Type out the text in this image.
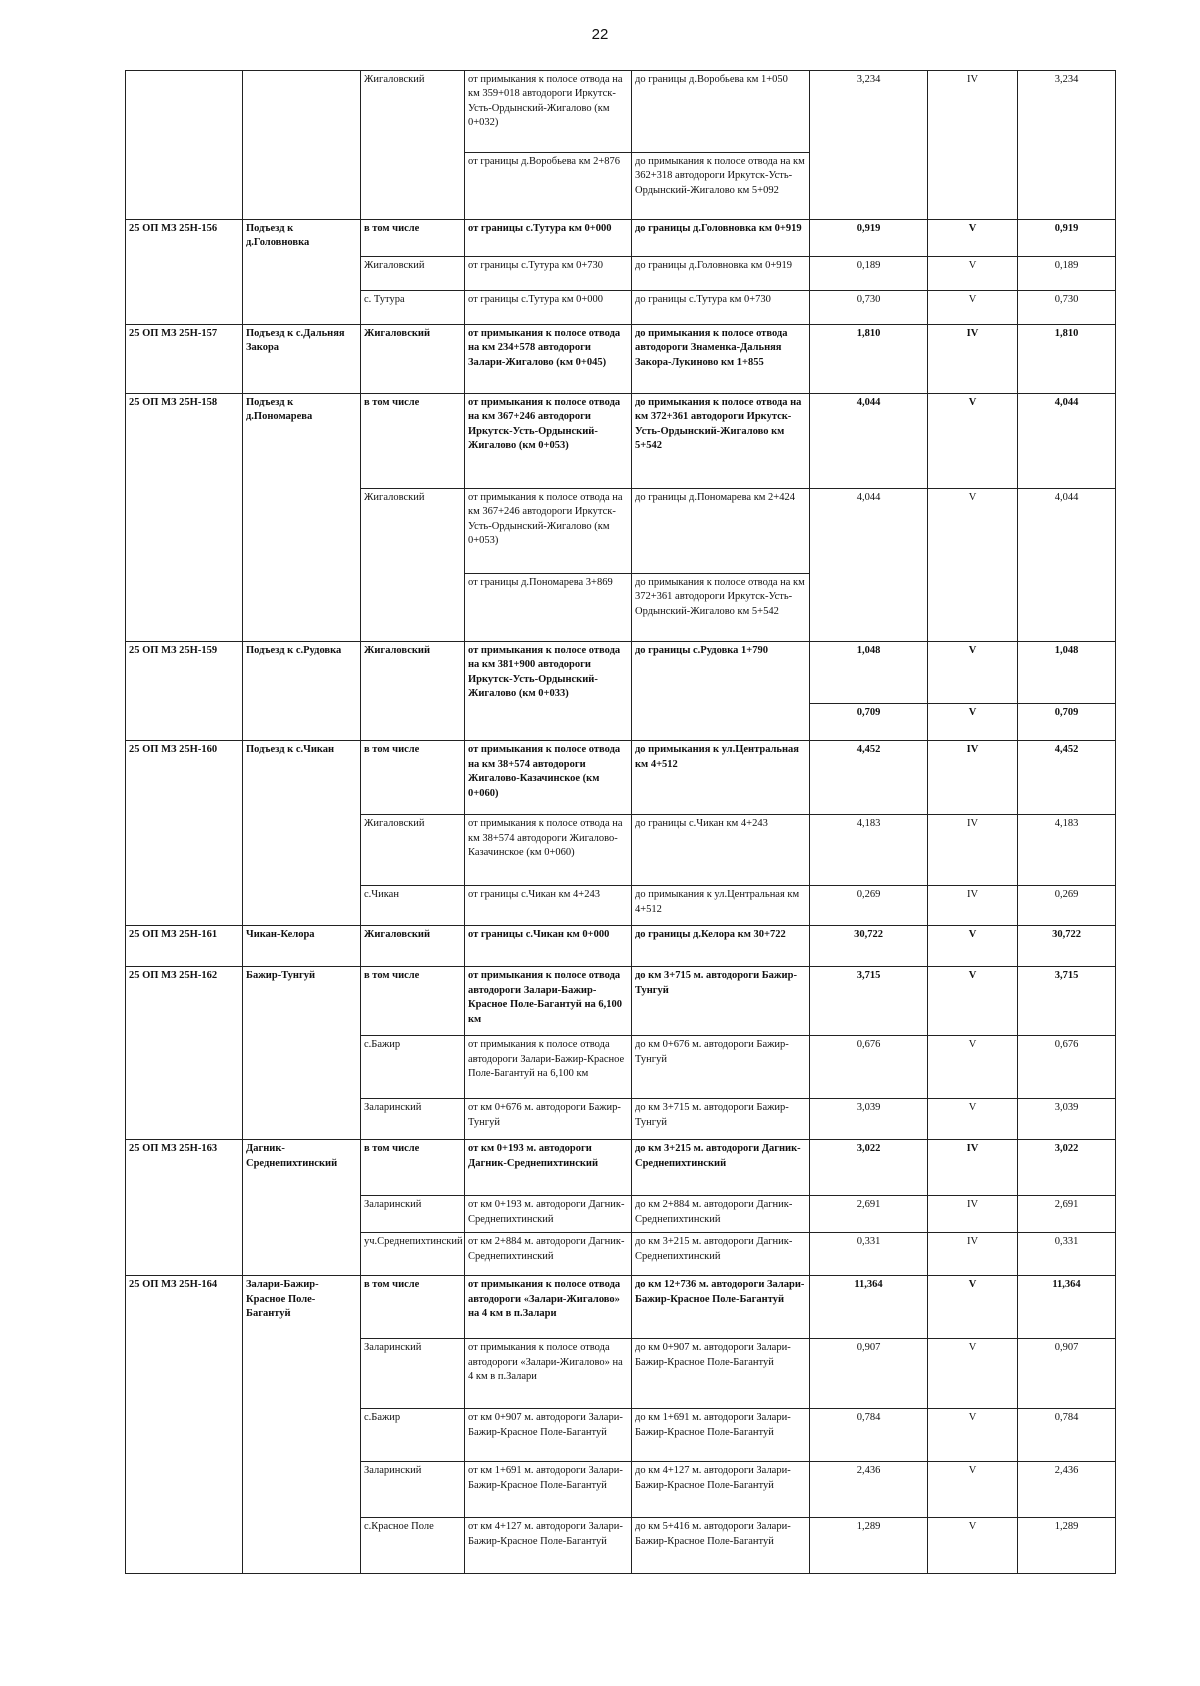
22
		Жигаловский	от примыкания к полосе отвода на км 359+018 автодороги Иркутск- Усть-Ордынский-Жигалово (км 0+032)	до границы д.Воробьева км 1+050	3,234	IV	3,234
			от границы д.Воробьева км 2+876	до примыкания к полосе отвода на км 362+318 автодороги Иркутск-Усть-Ордынский-Жигалово км 5+092			
25 ОП МЗ 25Н-156	Подъезд к д.Головновка	в том числе	от границы с.Тутура км 0+000	до границы д.Головновка км 0+919	0,919	V	0,919
		Жигаловский	от границы с.Тутура км 0+730	до границы д.Головновка км 0+919	0,189	V	0,189
		с. Тутура	от границы с.Тутура км 0+000	до границы с.Тутура км 0+730	0,730	V	0,730
25 ОП МЗ 25Н-157	Подъезд к с.Дальняя Закора	Жигаловский	от примыкания к полосе отвода на км 234+578 автодороги Залари-Жигалово (км 0+045)	до примыкания к полосе отвода автодороги Знаменка-Дальняя Закора-Лукиново км 1+855	1,810	IV	1,810
25 ОП МЗ 25Н-158	Подъезд к д.Пономарева	в том числе	от примыкания к полосе отвода на км 367+246 автодороги Иркутск-Усть-Ордынский-Жигалово (км 0+053)	до примыкания к полосе отвода на км 372+361 автодороги Иркутск-Усть-Ордынский-Жигалово км 5+542	4,044	V	4,044
		Жигаловский	от примыкания к полосе отвода на км 367+246 автодороги Иркутск-Усть-Ордынский-Жигалово (км 0+053)	до границы д.Пономарева км 2+424	4,044	V	4,044
			от границы д.Пономарева 3+869	до примыкания к полосе отвода на км 372+361 автодороги Иркутск-Усть-Ордынский-Жигалово км 5+542			
25 ОП МЗ 25Н-159	Подъезд к с.Рудовка	Жигаловский	от примыкания к полосе отвода на км 381+900 автодороги Иркутск-Усть-Ордынский-Жигалово (км 0+033)	до границы с.Рудовка 1+790	1,048	V	1,048
					0,709	V	0,709
25 ОП МЗ 25Н-160	Подъезд к с.Чикан	в том числе	от примыкания к полосе отвода на км 38+574 автодороги Жигалово-Казачинское (км 0+060)	до примыкания к ул.Центральная км 4+512	4,452	IV	4,452
		Жигаловский	от примыкания к полосе отвода на км 38+574 автодороги Жигалово-Казачинское (км 0+060)	до границы с.Чикан км 4+243	4,183	IV	4,183
		с.Чикан	от границы с.Чикан км 4+243	до примыкания к ул.Центральная км 4+512	0,269	IV	0,269
25 ОП МЗ 25Н-161	Чикан-Келора	Жигаловский	от границы с.Чикан км 0+000	до границы д.Келора км 30+722	30,722	V	30,722
25 ОП МЗ 25Н-162	Бажир-Тунгуй	в том числе	от примыкания к полосе отвода автодороги Залари-Бажир-Красное Поле-Багантуй на 6,100 км	до км 3+715 м. автодороги Бажир-Тунгуй	3,715	V	3,715
		с.Бажир	от примыкания к полосе отвода автодороги Залари-Бажир-Красное Поле-Багантуй на 6,100 км	до км 0+676 м. автодороги Бажир-Тунгуй	0,676	V	0,676
		Заларинский	от км 0+676 м. автодороги Бажир-Тунгуй	до км 3+715 м. автодороги Бажир-Тунгуй	3,039	V	3,039
25 ОП МЗ 25Н-163	Дагник-Среднепихтинский	в том числе	от км 0+193 м. автодороги Дагник-Среднепихтинский	до км 3+215 м. автодороги Дагник-Среднепихтинский	3,022	IV	3,022
		Заларинский	от км 0+193 м. автодороги Дагник-Среднепихтинский	до км 2+884 м. автодороги Дагник-Среднепихтинский	2,691	IV	2,691
		уч.Среднепихтинский	от км 2+884 м. автодороги Дагник-Среднепихтинский	до км 3+215 м. автодороги Дагник-Среднепихтинский	0,331	IV	0,331
25 ОП МЗ 25Н-164	Залари-Бажир-Красное Поле-Багантуй	в том числе	от примыкания к полосе отвода автодороги «Залари-Жигалово» на 4 км в п.Залари	до км 12+736 м. автодороги Залари-Бажир-Красное Поле-Багантуй	11,364	V	11,364
		Заларинский	от примыкания к полосе отвода автодороги «Залари-Жигалово» на 4 км в п.Залари	до км 0+907 м. автодороги Залари-Бажир-Красное Поле-Багантуй	0,907	V	0,907
		с.Бажир	от км 0+907 м. автодороги Залари-Бажир-Красное Поле-Багантуй	до км 1+691 м. автодороги Залари-Бажир-Красное Поле-Багантуй	0,784	V	0,784
		Заларинский	от км 1+691 м. автодороги Залари-Бажир-Красное Поле-Багантуй	до км 4+127 м. автодороги Залари-Бажир-Красное Поле-Багантуй	2,436	V	2,436
		с.Красное Поле	от км 4+127 м. автодороги Залари-Бажир-Красное Поле-Багантуй	до км 5+416 м. автодороги Залари-Бажир-Красное Поле-Багантуй	1,289	V	1,289
